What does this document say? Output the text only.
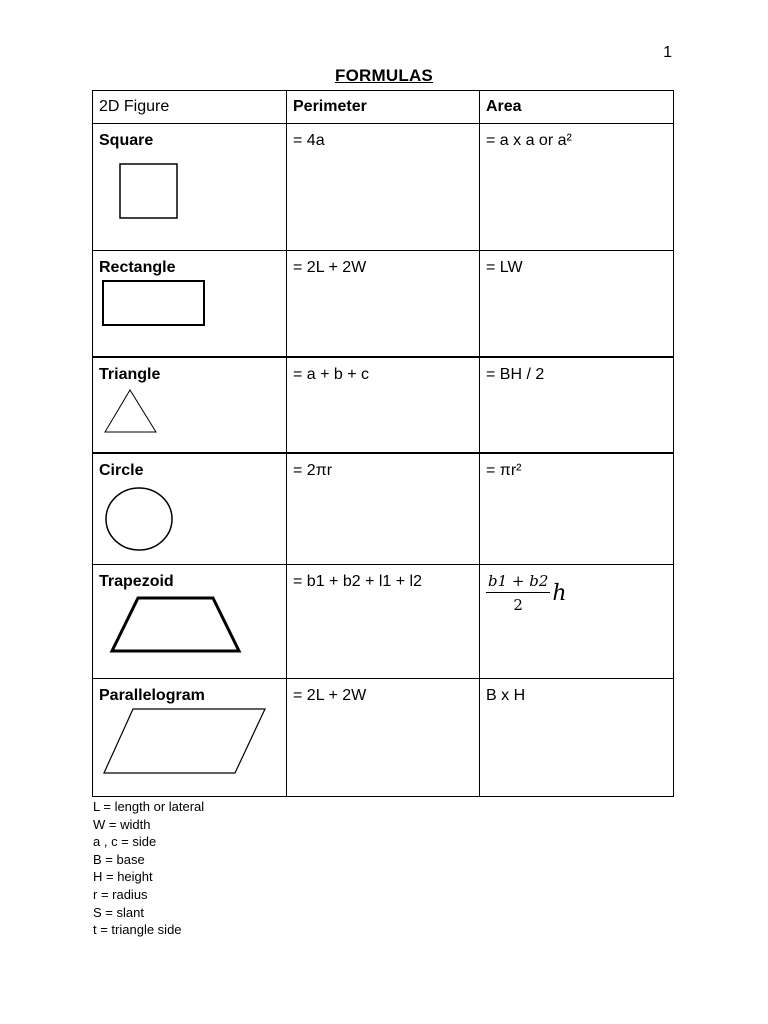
1
FORMULAS
2D Figure	Perimeter	Area

Square	= 4a	= a x a or a²

Rectangle	= 2L + 2W	= LW

Triangle	= a + b + c	= BH / 2

Circle	= 2πr	= πr²

Trapezoid	= b1 + b2 + l1 + l2	$\frac{b1 + b2}{2}$ h

Parallelogram	= 2L + 2W	B x H
L = length or lateral
W = width
a , c = side
B = base
H = height
r = radius
S = slant
t = triangle side
